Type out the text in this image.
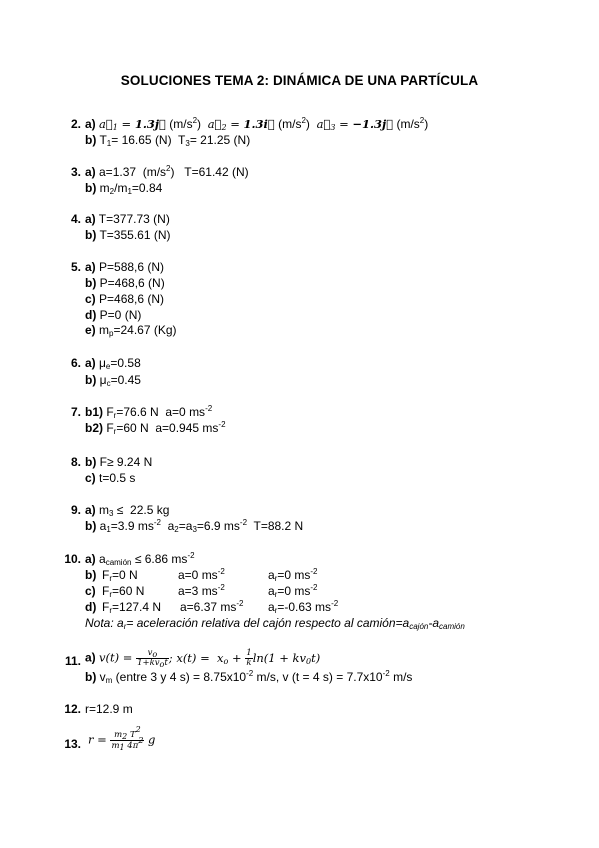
SOLUCIONES TEMA 2: DINÁMICA DE UNA PARTÍCULA
2. a) $a⃗_1$ = 1.3j⃗ $(m/s^2)$  $a⃗_2$ = 1.3i⃗ $(m/s^2)$  $a⃗_3$ = −1.3j⃗ $(m/s^2)$
b) $T_1= 16.65$ (N)  $T_3= 21.25$ (N)
3. a) a=1.37  $(m/s^2)$   T=61.42 (N)
b) $m_2/m_1=0.84$
4. a) T=377.73 (N)
b) T=355.61 (N)
5. a) P=588,6 (N)
b) P=468,6 (N)
c) P=468,6 (N)
d) P=0 (N)
e) $m_p=24.67$ (Kg)
6. a) $\mu_e=0.58$
b) $\mu_c=0.45$
7. b1) $F_r=76.6$ N  a=0 $ms^{-2}$
b2) $F_r=60$ N  a=0.945 $ms^{-2}$
8. b) F≥ 9.24 N
c) t=0.5 s
9. a) $m_3 \le 22.5$ kg
b) $a_1=3.9$ $ms^{-2}$  $a_2=a_3=6.9$ $ms^{-2}$  T=88.2 N
10. a) $a_{camión} \le 6.86$ $ms^{-2}$
b) $F_r=0$ N	a=0 $ms^{-2}$	$a_r=0$ $ms^{-2}$
c) $F_r=60$ N	a=3 $ms^{-2}$	$a_r=0$ $ms^{-2}$
d) $F_r=127.4$ N a=6.37 $ms^{-2}$ $a_r=-0.63$ $ms^{-2}$
Nota: $a_r=$ aceleración relativa del cajón respecto al $camión=a_{cajón}-a_{camión}$
11. a) $v(t) = \frac{v_o}{1+kv_ot}$ ; $x(t) = x_o + \frac{1}{k} \ln(1 + kv_0t)$
b) $v_m$ (entre 3 y 4 $s) = 8.75x10^{-2}$ m/s, v (t = 4 $s) = 7.7x10^{-2}$ m/s
12. r=12.9 m
13. $r = \frac{m_2 T^2}{m_1 4\pi^2}$ g
